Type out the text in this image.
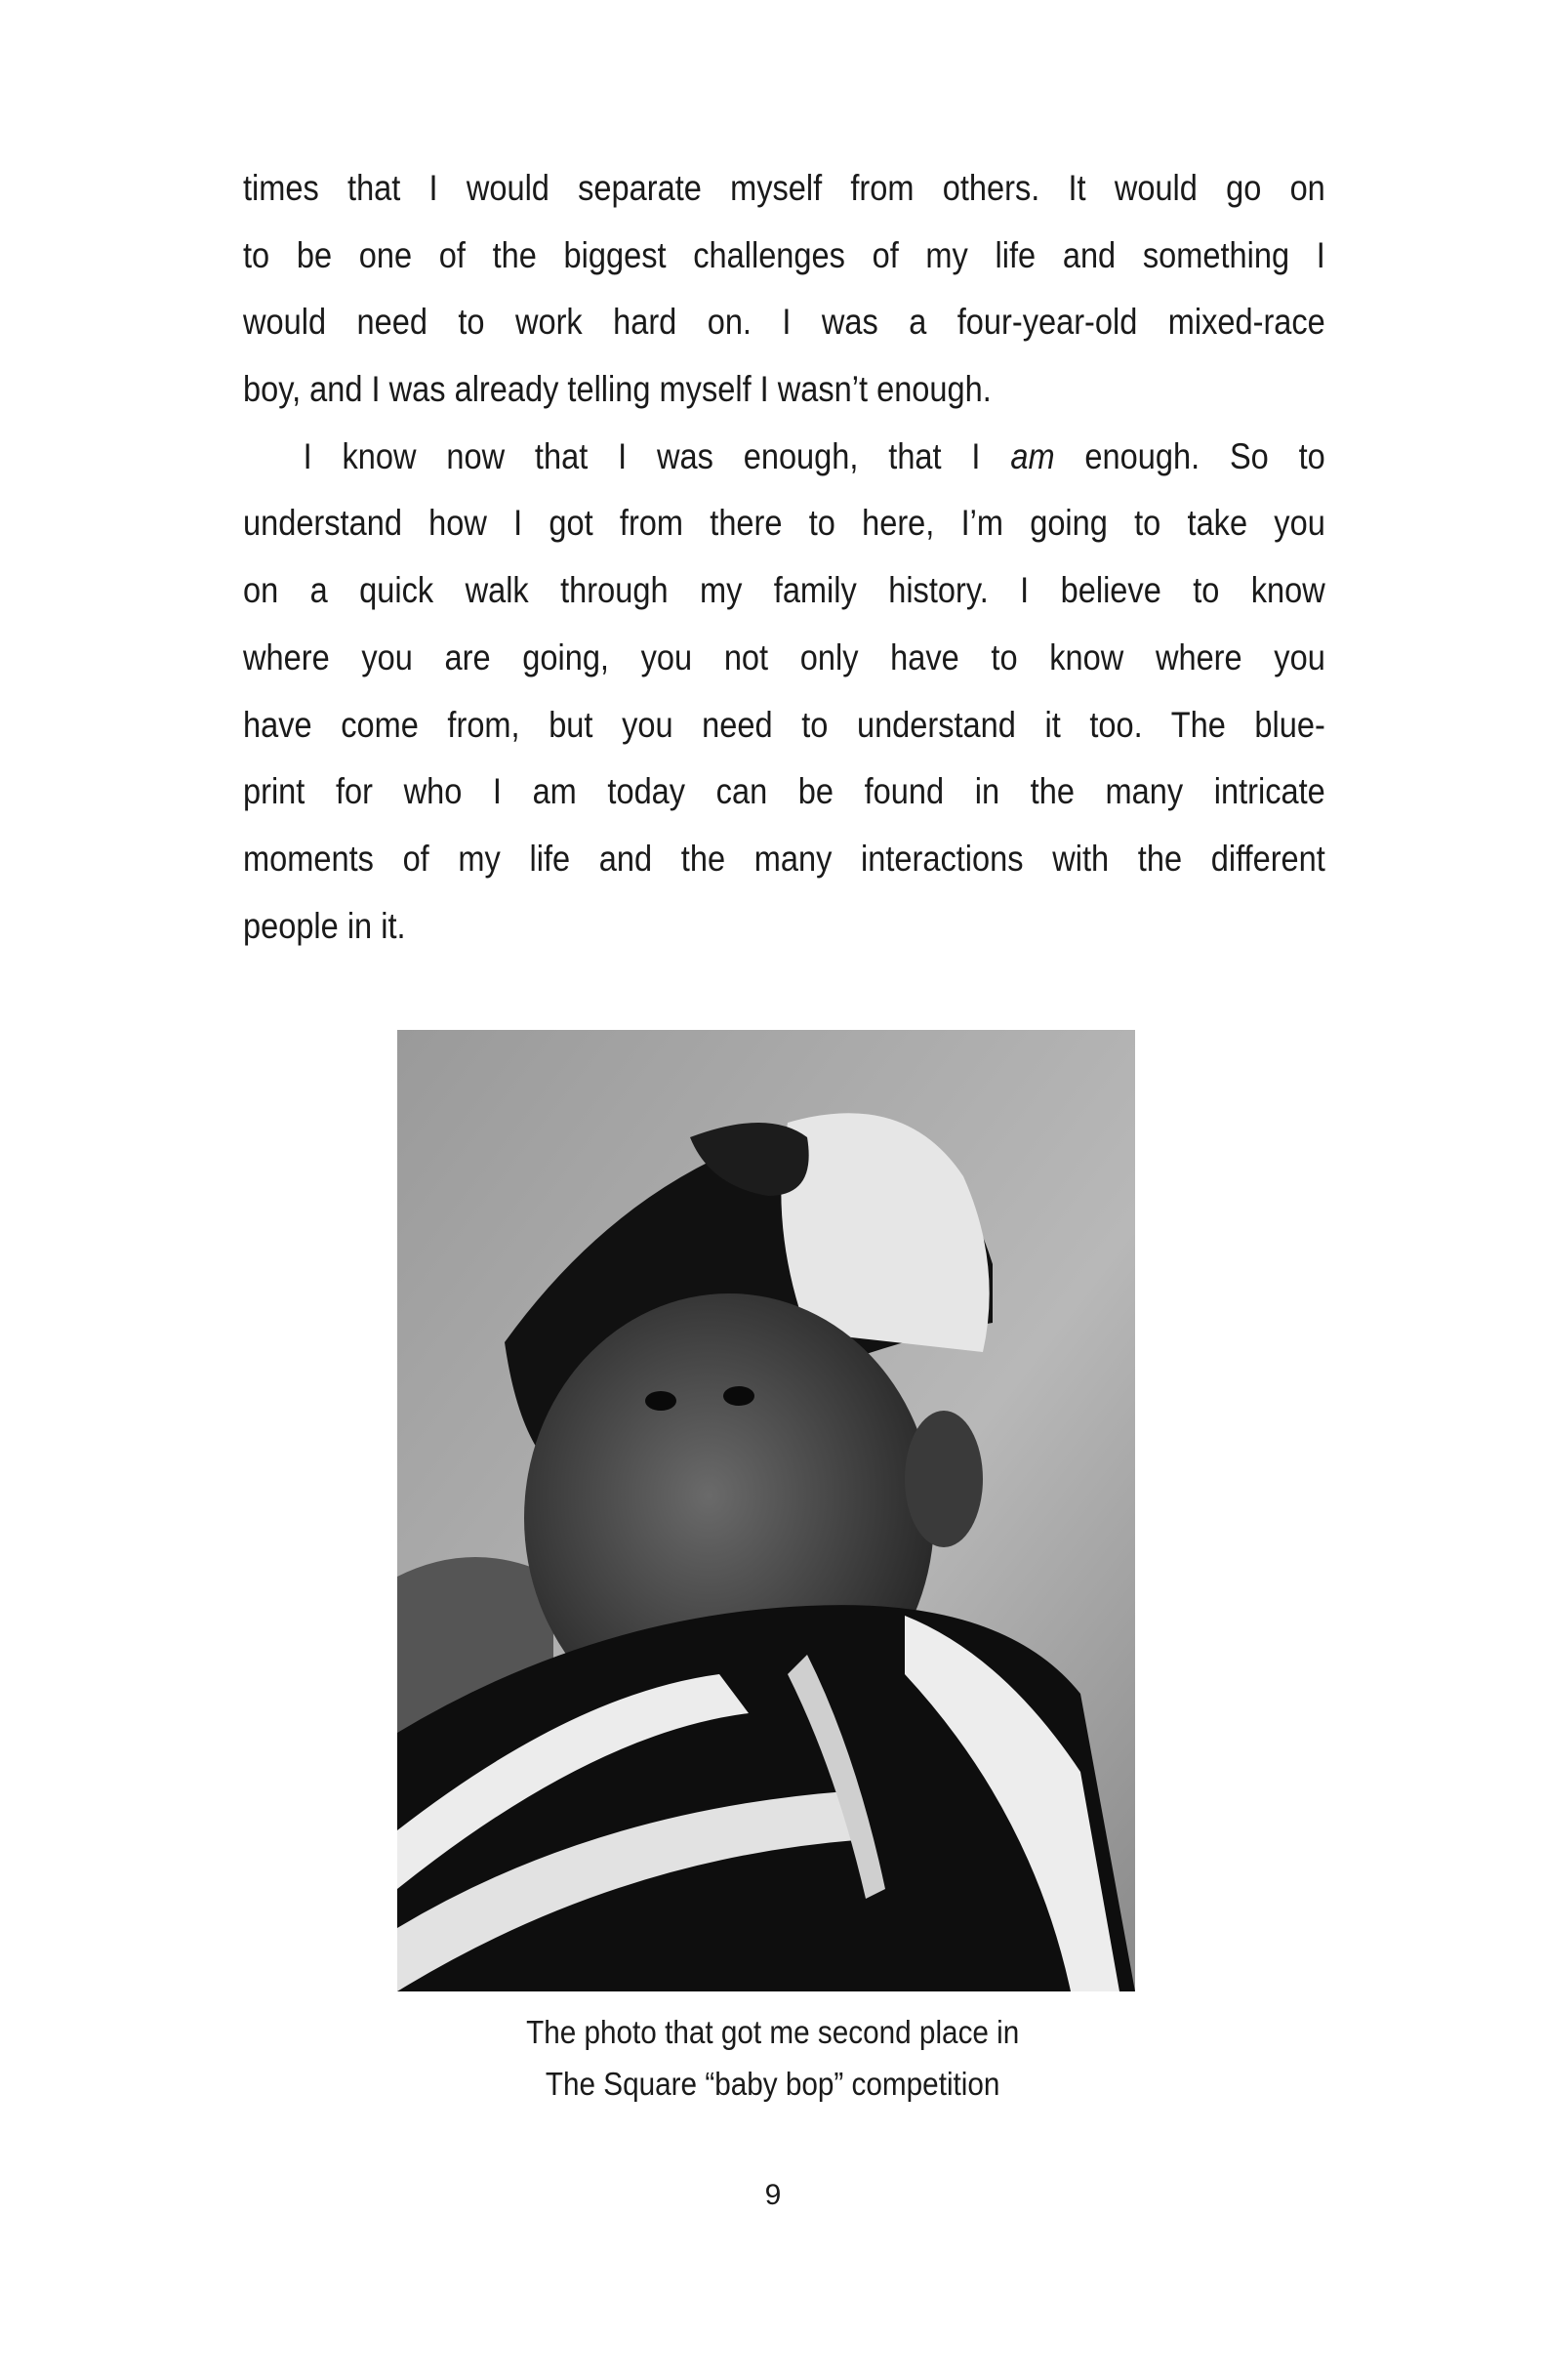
times that I would separate myself from others. It would go on
to be one of the biggest challenges of my life and something I
would need to work hard on. I was a four-year-old mixed-race
boy, and I was already telling myself I wasn’t enough.
I know now that I was enough, that I am enough. So to
understand how I got from there to here, I’m going to take you
on a quick walk through my family history. I believe to know
where you are going, you not only have to know where you
have come from, but you need to understand it too. The blue-
print for who I am today can be found in the many intricate
moments of my life and the many interactions with the different
people in it.
The photo that got me second place in
The Square “baby bop” competition
9
